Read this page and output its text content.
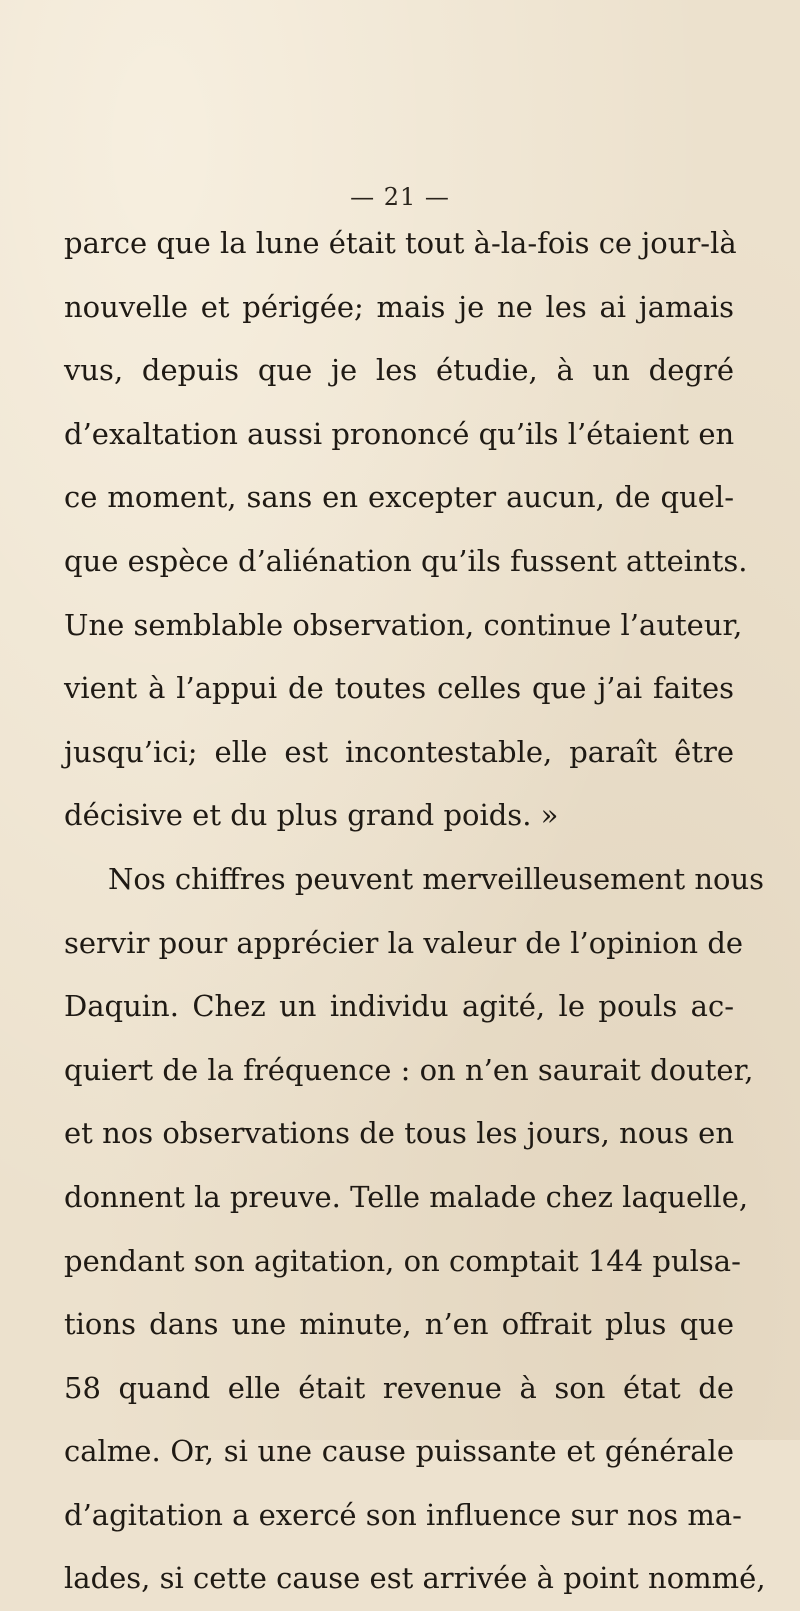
— 21 —
parce que la lune était tout à-la-fois ce jour-là
nouvelle et périgée; mais je ne les ai jamais
vus, depuis que je les étudie, à un degré
d’exaltation aussi prononcé qu’ils l’étaient en
ce moment, sans en excepter aucun, de quel-
que espèce d’aliénation qu’ils fussent atteints.
Une semblable observation, continue l’auteur,
vient à l’appui de toutes celles que j’ai faites
jusqu’ici; elle est incontestable, paraît être
décisive et du plus grand poids. »
Nos chiffres peuvent merveilleusement nous
servir pour apprécier la valeur de l’opinion de
Daquin. Chez un individu agité, le pouls ac-
quiert de la fréquence : on n’en saurait douter,
et nos observations de tous les jours, nous en
donnent la preuve. Telle malade chez laquelle,
pendant son agitation, on comptait 144 pulsa-
tions dans une minute, n’en offrait plus que
58 quand elle était revenue à son état de
calme. Or, si une cause puissante et générale
d’agitation a exercé son influence sur nos ma-
lades, si cette cause est arrivée à point nommé,
